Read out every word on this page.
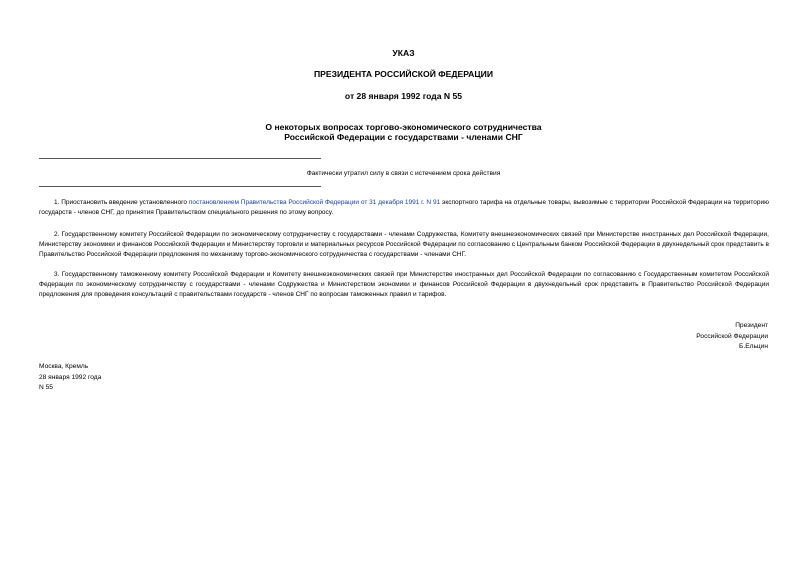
УКАЗ
ПРЕЗИДЕНТА РОССИЙСКОЙ ФЕДЕРАЦИИ
от 28 января 1992 года N 55
О некоторых вопросах торгово-экономического сотрудничества
Российской Федерации с государствами - членами СНГ
Фактически утратил силу в связи с истечением срока действия

1. Приостановить введение установленного постановлением Правительства Российской Федерации от 31 декабря 1991 г. N 91 экспортного тарифа на отдельные товары, вывозимые с территории Российской Федерации на территорию государств - членов СНГ, до принятия Правительством специального решения по этому вопросу.

2. Государственному комитету Российской Федерации по экономическому сотрудничеству с государствами - членами Содружества, Комитету внешнеэкономических связей при Министерстве иностранных дел Российской Федерации, Министерству экономики и финансов Российской Федерации и Министерству торговли и материальных ресурсов Российской Федерации по согласованию с Центральным банком Российской Федерации в двухнедельный срок представить в Правительство Российской Федерации предложения по механизму торгово-экономического сотрудничества с государствами - членами СНГ.

3. Государственному таможенному комитету Российской Федерации и Комитету внешнеэкономических связей при Министерстве иностранных дел Российской Федерации по согласованию с Государственным комитетом Российской Федерации по экономическому сотрудничеству с государствами - членами Содружества и Министерством экономики и финансов Российской Федерации в двухнедельный срок представить в Правительство Российской Федерации предложения для проведения консультаций с правительствами государств - членов СНГ по вопросам таможенных правил и тарифов.

Президент
Российской Федерации
Б.Ельцин
Москва, Кремль
28 января 1992 года
N 55
